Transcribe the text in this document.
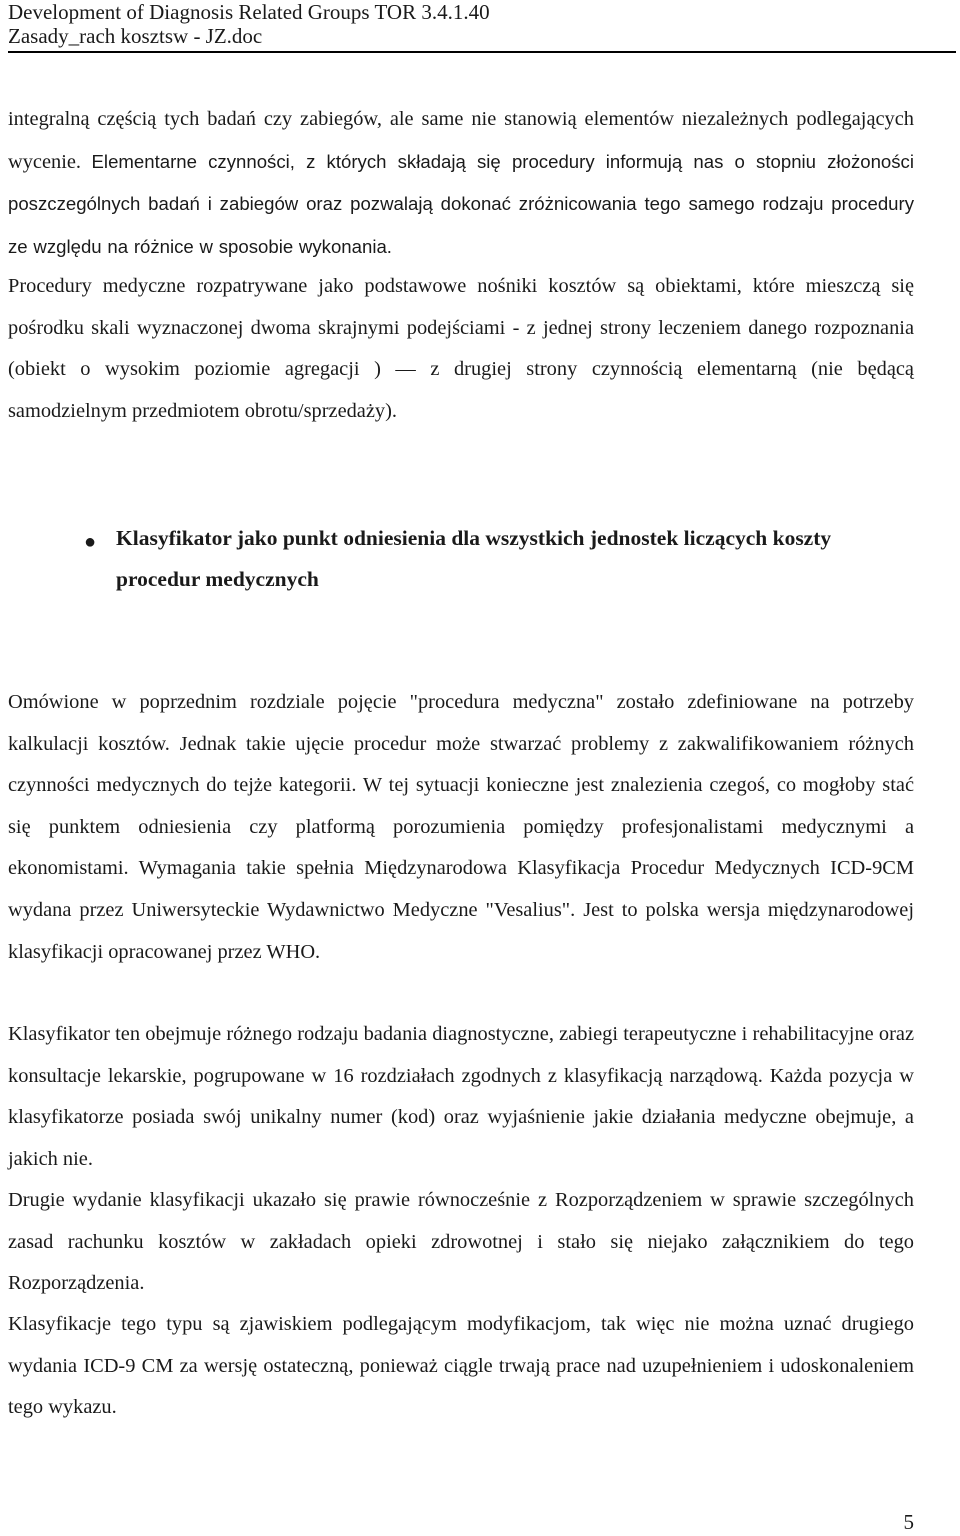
Development of Diagnosis Related Groups TOR 3.4.1.40
Zasady_rach kosztsw - JZ.doc

integralną częścią tych badań czy zabiegów, ale same nie stanowią elementów niezależnych podlegających wycenie. Elementarne czynności, z których składają się procedury informują nas o stopniu złożoności poszczególnych badań i zabiegów oraz pozwalają dokonać zróżnicowania tego samego rodzaju procedury ze względu na różnice w sposobie wykonania.

Procedury medyczne rozpatrywane jako podstawowe nośniki kosztów są obiektami, które mieszczą się pośrodku skali wyznaczonej dwoma skrajnymi podejściami - z jednej strony leczeniem danego rozpoznania (obiekt o wysokim poziomie agregacji ) — z drugiej strony czynnością elementarną (nie będącą samodzielnym przedmiotem obrotu/sprzedaży).

● Klasyfikator jako punkt odniesienia dla wszystkich jednostek liczących koszty procedur medycznych

Omówione w poprzednim rozdziale pojęcie "procedura medyczna" zostało zdefiniowane na potrzeby kalkulacji kosztów. Jednak takie ujęcie procedur może stwarzać problemy z zakwalifikowaniem różnych czynności medycznych do tejże kategorii. W tej sytuacji konieczne jest znalezienia czegoś, co mogłoby stać się punktem odniesienia czy platformą porozumienia pomiędzy profesjonalistami medycznymi a ekonomistami. Wymagania takie spełnia Międzynarodowa Klasyfikacja Procedur Medycznych ICD-9CM wydana przez Uniwersyteckie Wydawnictwo Medyczne "Vesalius". Jest to polska wersja międzynarodowej klasyfikacji opracowanej przez WHO.

Klasyfikator ten obejmuje różnego rodzaju badania diagnostyczne, zabiegi terapeutyczne i rehabilitacyjne oraz konsultacje lekarskie, pogrupowane w 16 rozdziałach zgodnych z klasyfikacją narządową. Każda pozycja w klasyfikatorze posiada swój unikalny numer (kod) oraz wyjaśnienie jakie działania medyczne obejmuje, a jakich nie.

Drugie wydanie klasyfikacji ukazało się prawie równocześnie z Rozporządzeniem w sprawie szczególnych zasad rachunku kosztów w zakładach opieki zdrowotnej i stało się niejako załącznikiem do tego Rozporządzenia.

Klasyfikacje tego typu są zjawiskiem podlegającym modyfikacjom, tak więc nie można uznać drugiego wydania ICD-9 CM za wersję ostateczną, ponieważ ciągle trwają prace nad uzupełnieniem i udoskonaleniem tego wykazu.

5
